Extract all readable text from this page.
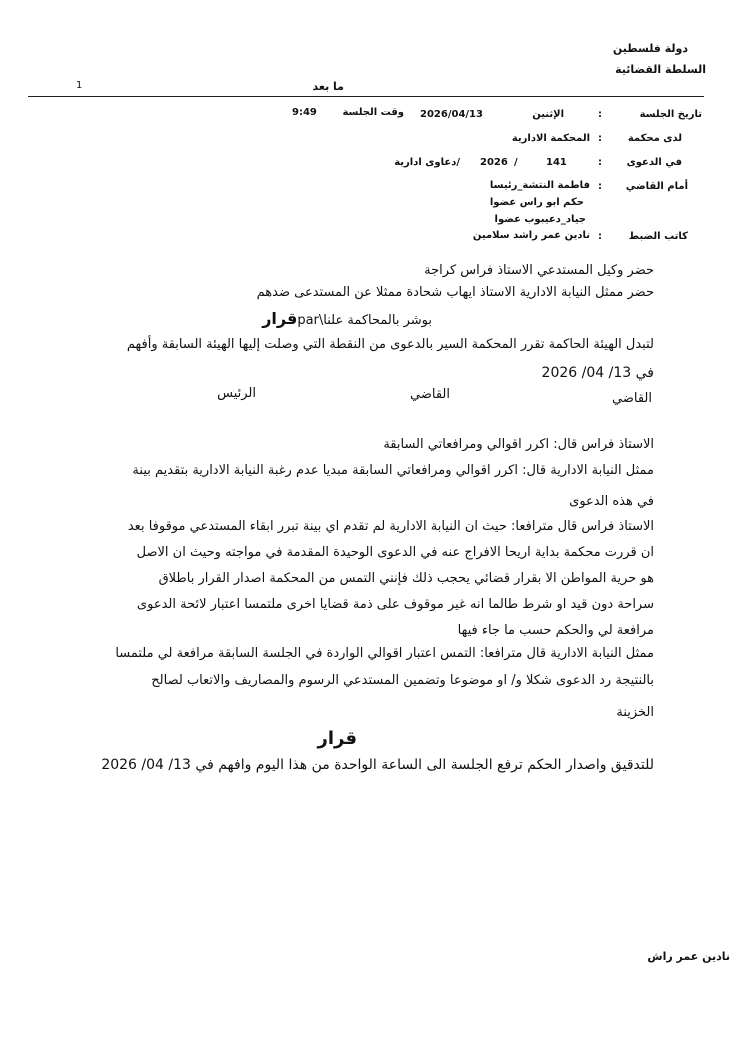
دولة فلسطين
السلطة القضائية
ما بعد
1
تاريخ الجلسة
:
الإثنين
2026/04/13
وقت الجلسة
9:49
لدى محكمة
:
المحكمة الادارية
في الدعوى
:
141
/
2026
/دعاوى ادارية
أمام القاضي
:
فاطمة النتشة_رئيسا
حكم ابو راس عضوا
جياد_دعيبوب عضوا
كاتب الضبط
:
نادين عمر راشد سلامين
حضر وكيل المستدعي الاستاذ فراس كراجة
حضر ممثل النيابة الادارية الاستاذ ايهاب شحادة ممثلا عن المستدعى ضدهم
بوشر بالمحاكمة علنا\parقرار
لتبدل الهيئة الحاكمة تقرر المحكمة السير بالدعوى من النقطة التي وصلت إليها الهيئة السابقة وأفهم
في 13/ 04/ 2026
القاضي
القاضي
الرئيس
الاستاذ فراس قال: اكرر اقوالي ومرافعاتي السابقة
ممثل النيابة الادارية قال: اكرر اقوالي ومرافعاتي السابقة مبديا عدم رغبة النيابة الادارية بتقديم بينة
في هذه الدعوى
الاستاذ فراس قال مترافعا: حيث ان النيابة الادارية لم تقدم اي بينة تبرر ابقاء المستدعي موقوفا بعد
ان قررت محكمة بداية اريحا الافراج عنه في الدعوى الوحيدة المقدمة في مواجته وحيث ان الاصل
هو حرية المواطن الا بقرار قضائي يحجب ذلك فإنني التمس من المحكمة اصدار القرار باطلاق
سراحة دون قيد او شرط طالما انه غير موقوف على ذمة قضايا اخرى ملتمسا اعتبار لائحة الدعوى
مرافعة لي والحكم حسب ما جاء فيها
ممثل النيابة الادارية قال مترافعا: التمس اعتبار اقوالي الواردة في الجلسة السابقة مرافعة لي ملتمسا
بالنتيجة رد الدعوى شكلا و/ او موضوعا وتضمين المستدعي الرسوم والمصاريف والاتعاب لصالح
الخزينة
قرار
للتدقيق واصدار الحكم ترفع الجلسة الى الساعة الواحدة من هذا اليوم وافهم في 13/ 04/ 2026
نادين عمر راش
